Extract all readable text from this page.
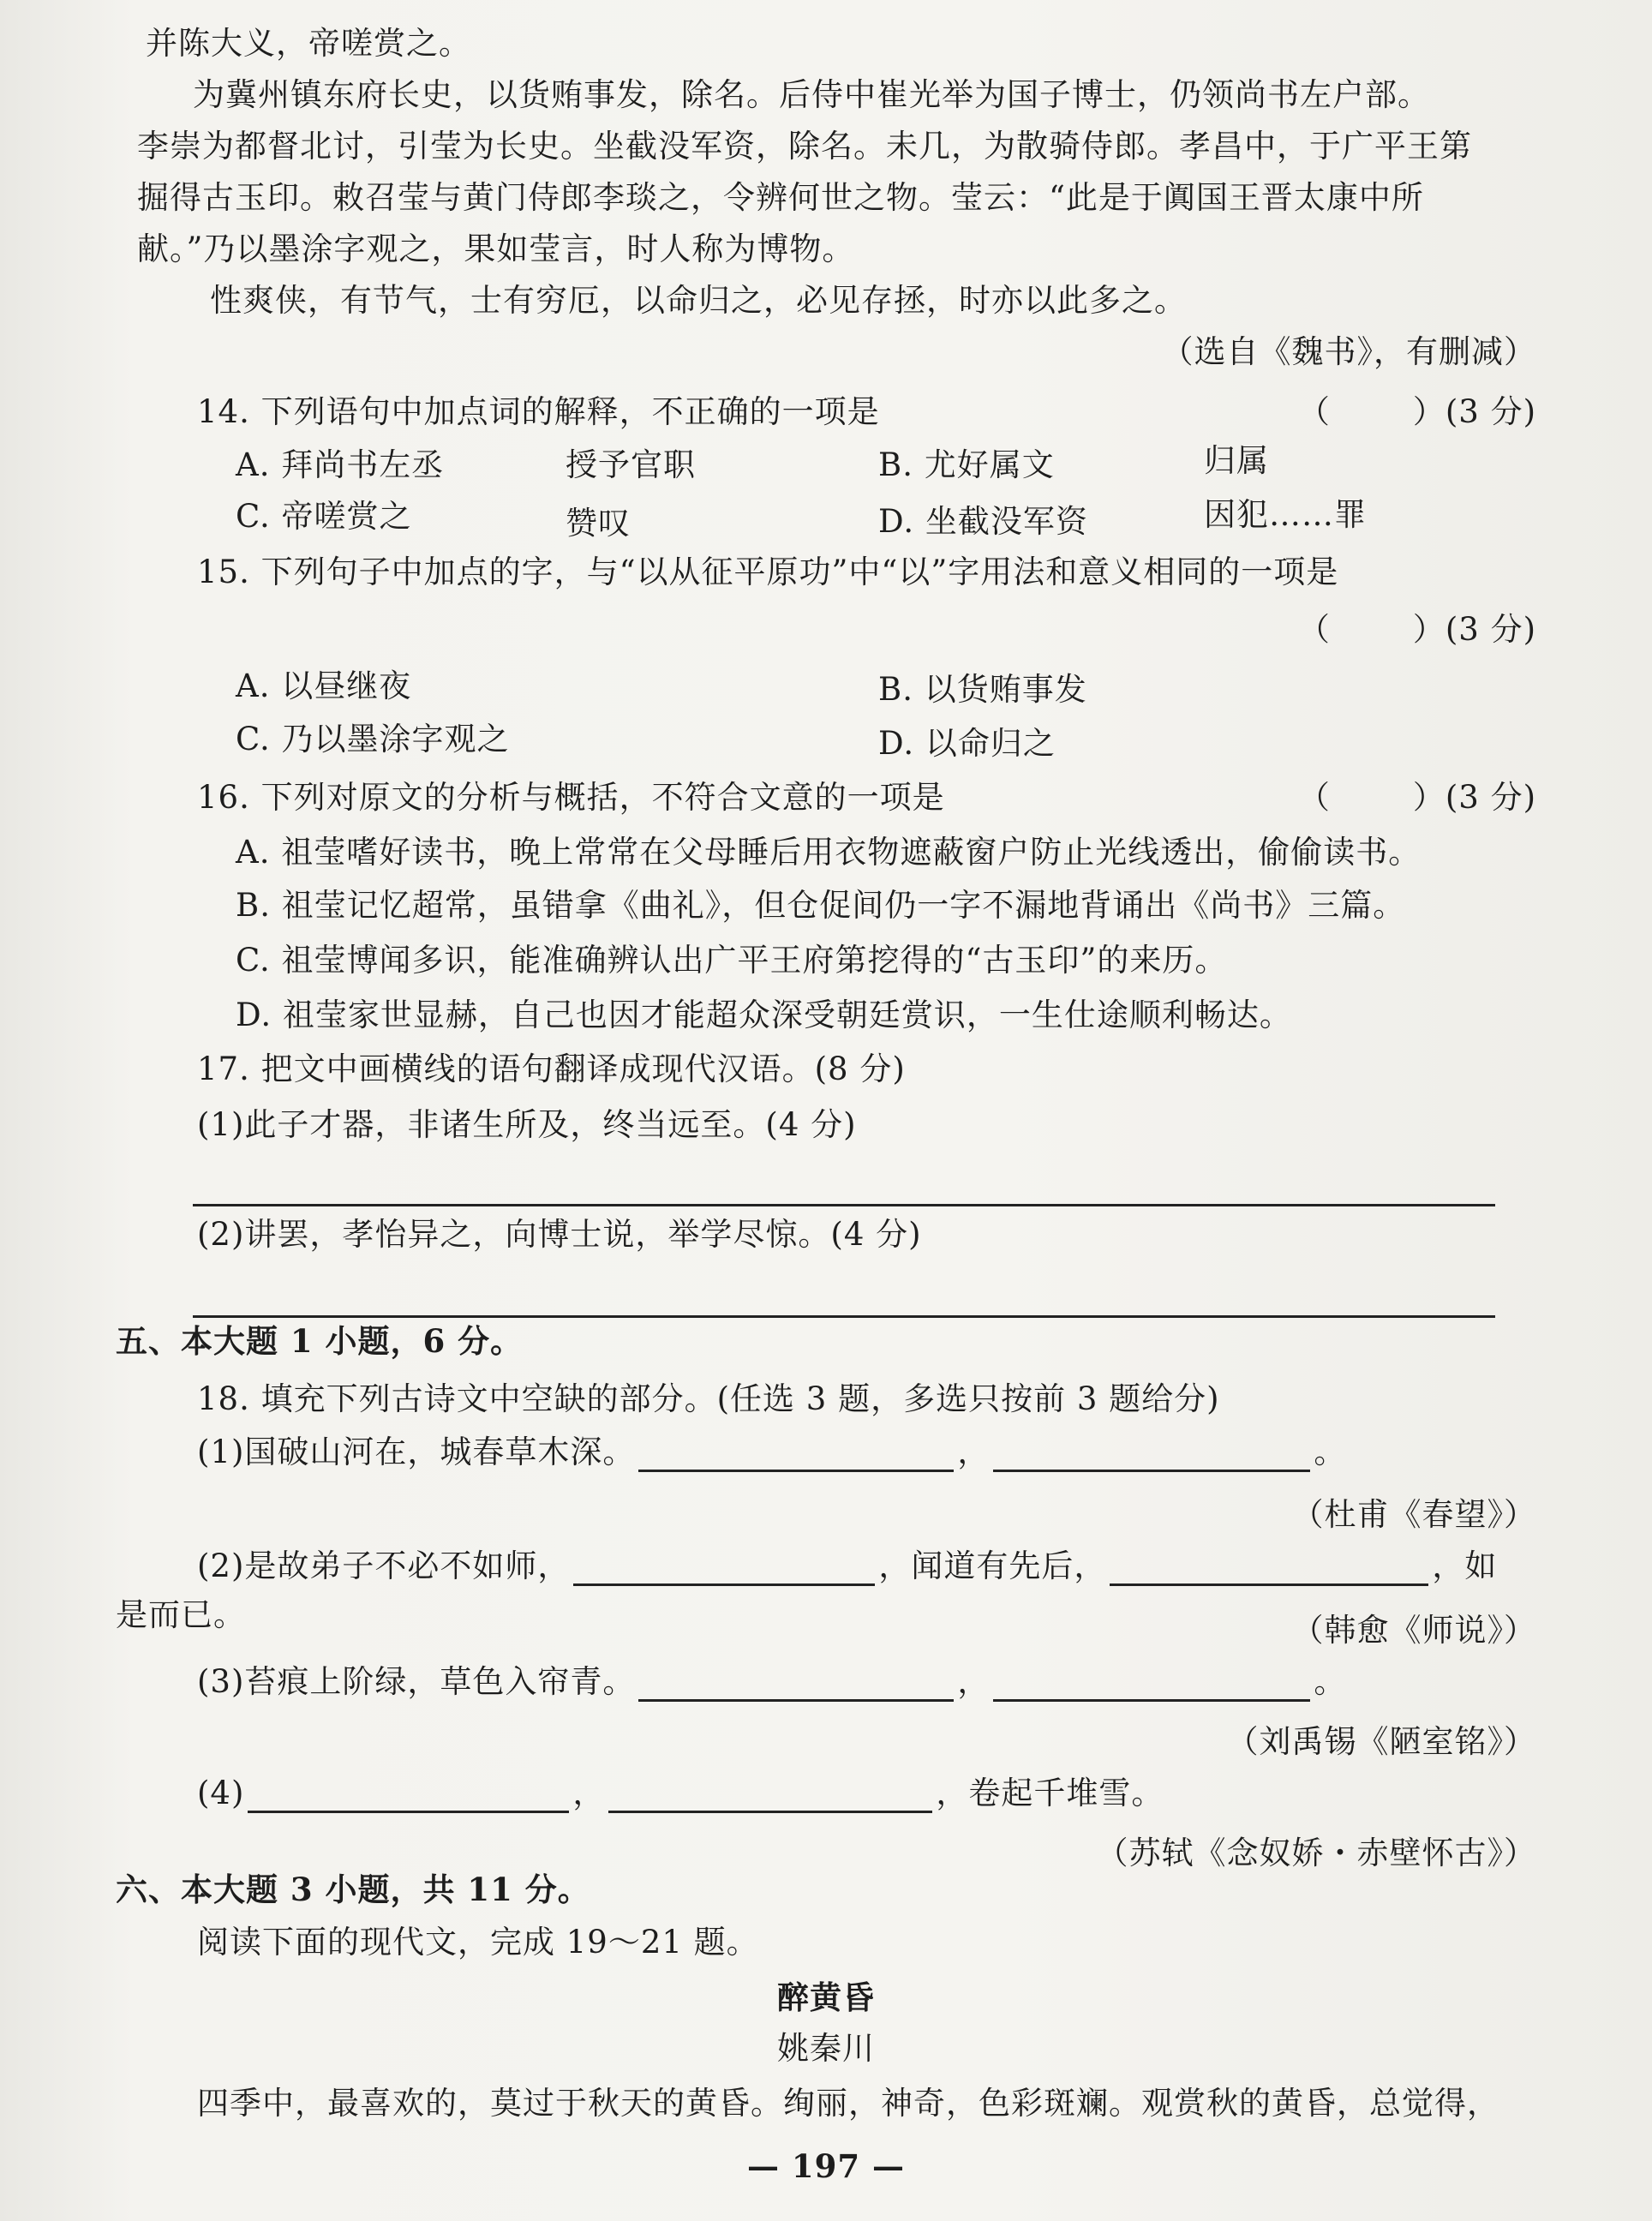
并陈大义，帝嗟赏之。
为冀州镇东府长史，以货贿事发，除名。后侍中崔光举为国子博士，仍领尚书左户部。
李崇为都督北讨，引莹为长史。坐截没军资，除名。未几，为散骑侍郎。孝昌中，于广平王第
掘得古玉印。敕召莹与黄门侍郎李琰之，令辨何世之物。莹云：“此是于阗国王晋太康中所
献。”乃以墨涂字观之，果如莹言，时人称为博物。
性爽侠，有节气，士有穷厄，以命归之，必见存拯，时亦以此多之。
（选自《魏书》，有删减）
14. 下列语句中加点词的解释，不正确的一项是	（	）(3 分)
A. 拜尚书左丞	授予官职	B. 尤好属文	归属
C. 帝嗟赏之	赞叹	D. 坐截没军资	因犯……罪
15. 下列句子中加点的字，与“以从征平原功”中“以”字用法和意义相同的一项是
（	）(3 分)
A. 以昼继夜	B. 以货贿事发
C. 乃以墨涂字观之	D. 以命归之
16. 下列对原文的分析与概括，不符合文意的一项是	（	）(3 分)
A. 祖莹嗜好读书，晚上常常在父母睡后用衣物遮蔽窗户防止光线透出，偷偷读书。
B. 祖莹记忆超常，虽错拿《曲礼》，但仓促间仍一字不漏地背诵出《尚书》三篇。
C. 祖莹博闻多识，能准确辨认出广平王府第挖得的“古玉印”的来历。
D. 祖莹家世显赫，自己也因才能超众深受朝廷赏识，一生仕途顺利畅达。
17. 把文中画横线的语句翻译成现代汉语。(8 分)
(1)此子才器，非诸生所及，终当远至。(4 分)
(2)讲罢，孝怡异之，向博士说，举学尽惊。(4 分)
五、本大题 1 小题，6 分。
18. 填充下列古诗文中空缺的部分。(任选 3 题，多选只按前 3 题给分)
(1)国破山河在，城春草木深。	，	。
（杜甫《春望》）
(2)是故弟子不必不如师，	，闻道有先后，	，如
是而已。	（韩愈《师说》）
(3)苔痕上阶绿，草色入帘青。	，	。
（刘禹锡《陋室铭》）
(4)	，	，卷起千堆雪。
（苏轼《念奴娇・赤壁怀古》）
六、本大题 3 小题，共 11 分。
阅读下面的现代文，完成 19～21 题。
醉黄昏
姚秦川
四季中，最喜欢的，莫过于秋天的黄昏。绚丽，神奇，色彩斑斓。观赏秋的黄昏，总觉得，
— 197 —
